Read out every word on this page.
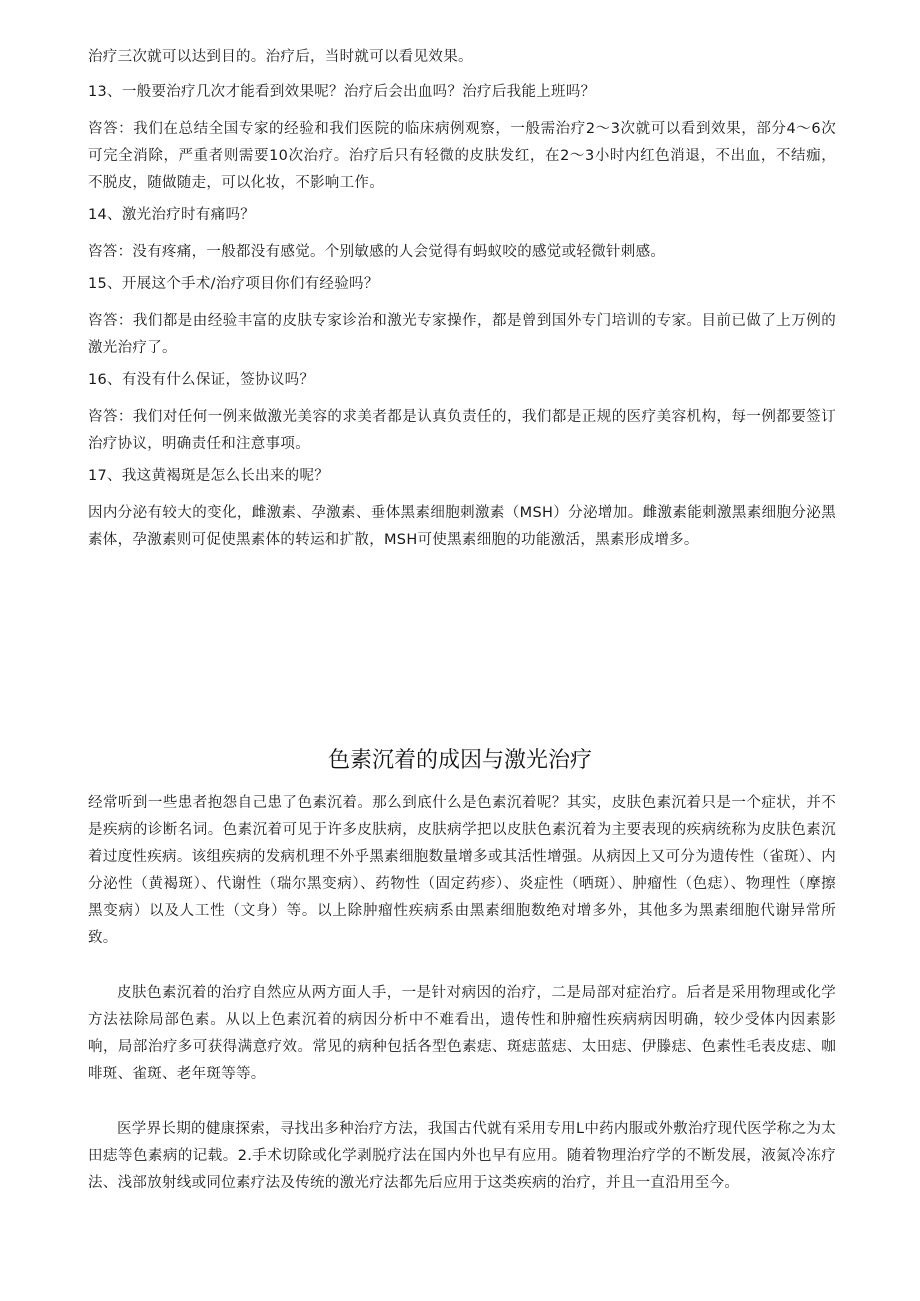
治疗三次就可以达到目的。治疗后，当时就可以看见效果。

13、一般要治疗几次才能看到效果呢？治疗后会出血吗？治疗后我能上班吗？

咨答：我们在总结全国专家的经验和我们医院的临床病例观察，一般需治疗2～3次就可以看到效果，部分4～6次可完全消除，严重者则需要10次治疗。治疗后只有轻微的皮肤发红，在2～3小时内红色消退，不出血，不结痂，不脱皮，随做随走，可以化妆，不影响工作。

14、激光治疗时有痛吗？

咨答：没有疼痛，一般都没有感觉。个别敏感的人会觉得有蚂蚁咬的感觉或轻微针刺感。

15、开展这个手术/治疗项目你们有经验吗？

咨答：我们都是由经验丰富的皮肤专家诊治和激光专家操作，都是曾到国外专门培训的专家。目前已做了上万例的激光治疗了。

16、有没有什么保证，签协议吗？

咨答：我们对任何一例来做激光美容的求美者都是认真负责任的，我们都是正规的医疗美容机构，每一例都要签订治疗协议，明确责任和注意事项。

17、我这黄褐斑是怎么长出来的呢？

因内分泌有较大的变化，雌激素、孕激素、垂体黑素细胞刺激素（MSH）分泌增加。雌激素能刺激黑素细胞分泌黑素体，孕激素则可促使黑素体的转运和扩散，MSH可使黑素细胞的功能激活，黑素形成增多。

色素沉着的成因与激光治疗

经常听到一些患者抱怨自己患了色素沉着。那么到底什么是色素沉着呢？其实，皮肤色素沉着只是一个症状，并不是疾病的诊断名词。色素沉着可见于许多皮肤病，皮肤病学把以皮肤色素沉着为主要表现的疾病统称为皮肤色素沉着过度性疾病。该组疾病的发病机理不外乎黑素细胞数量增多或其活性增强。从病因上又可分为遗传性（雀斑）、内分泌性（黄褐斑）、代谢性（瑞尔黑变病）、药物性（固定药疹）、炎症性（晒斑）、肿瘤性（色痣）、物理性（摩擦黑变病）以及人工性（文身）等。以上除肿瘤性疾病系由黑素细胞数绝对增多外，其他多为黑素细胞代谢异常所致。

皮肤色素沉着的治疗自然应从两方面人手，一是针对病因的治疗，二是局部对症治疗。后者是采用物理或化学方法祛除局部色素。从以上色素沉着的病因分析中不难看出，遗传性和肿瘤性疾病病因明确，较少受体内因素影响，局部治疗多可获得满意疗效。常见的病种包括各型色素痣、斑痣蓝痣、太田痣、伊滕痣、色素性毛表皮痣、咖啡斑、雀斑、老年斑等等。

医学界长期的健康探索，寻找出多种治疗方法，我国古代就有采用专用L中药内服或外敷治疗现代医学称之为太田痣等色素病的记载。2.手术切除或化学剥脱疗法在国内外也早有应用。随着物理治疗学的不断发展，液氮冷冻疗法、浅部放射线或同位素疗法及传统的激光疗法都先后应用于这类疾病的治疗，并且一直沿用至今。
